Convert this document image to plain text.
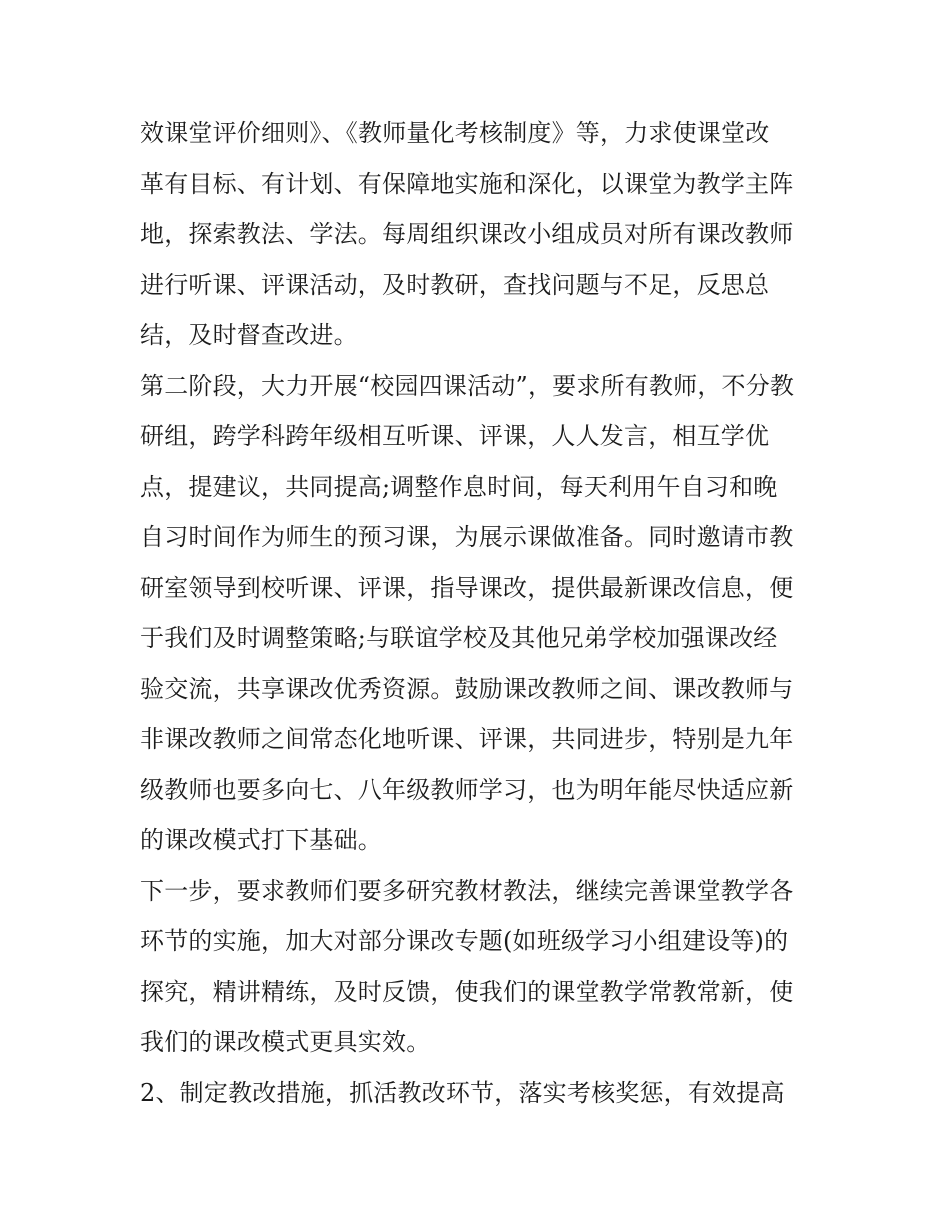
效课堂评价细则》、《教师量化考核制度》等，力求使课堂改
革有目标、有计划、有保障地实施和深化，以课堂为教学主阵
地，探索教法、学法。每周组织课改小组成员对所有课改教师
进行听课、评课活动，及时教研，查找问题与不足，反思总
结，及时督查改进。
第二阶段，大力开展“校园四课活动”，要求所有教师，不分教
研组，跨学科跨年级相互听课、评课，人人发言，相互学优
点，提建议，共同提高;调整作息时间，每天利用午自习和晚
自习时间作为师生的预习课，为展示课做准备。同时邀请市教
研室领导到校听课、评课，指导课改，提供最新课改信息，便
于我们及时调整策略;与联谊学校及其他兄弟学校加强课改经
验交流，共享课改优秀资源。鼓励课改教师之间、课改教师与
非课改教师之间常态化地听课、评课，共同进步，特别是九年
级教师也要多向七、八年级教师学习，也为明年能尽快适应新
的课改模式打下基础。
下一步，要求教师们要多研究教材教法，继续完善课堂教学各
环节的实施，加大对部分课改专题(如班级学习小组建设等)的
探究，精讲精练，及时反馈，使我们的课堂教学常教常新，使
我们的课改模式更具实效。
2、制定教改措施，抓活教改环节，落实考核奖惩，有效提高
